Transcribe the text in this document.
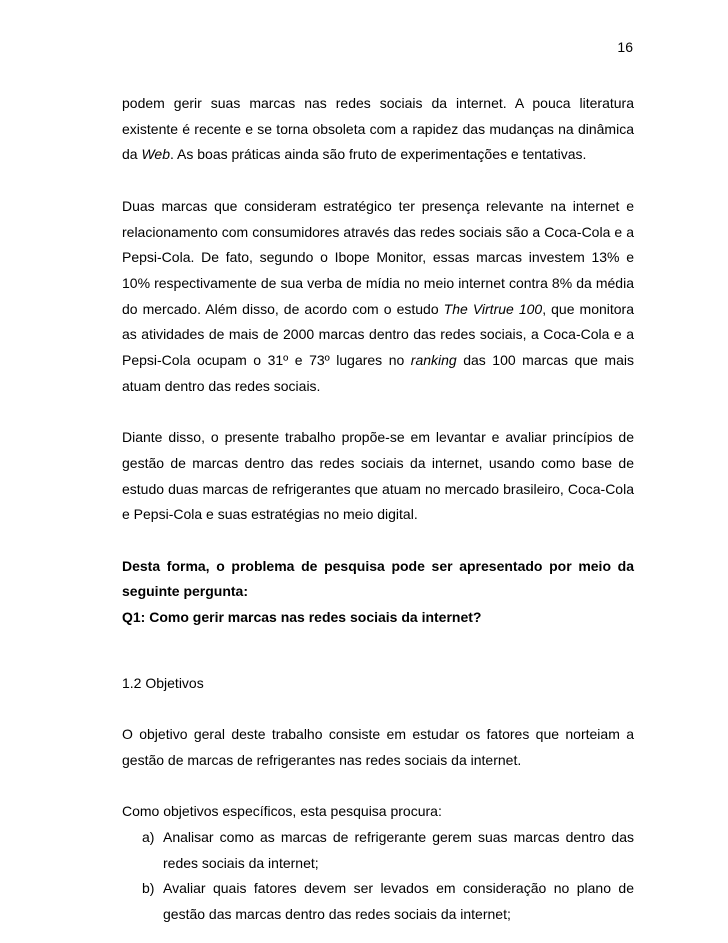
16

podem gerir suas marcas nas redes sociais da internet. A pouca literatura existente é recente e se torna obsoleta com a rapidez das mudanças na dinâmica da Web. As boas práticas ainda são fruto de experimentações e tentativas.

Duas marcas que consideram estratégico ter presença relevante na internet e relacionamento com consumidores através das redes sociais são a Coca-Cola e a Pepsi-Cola. De fato, segundo o Ibope Monitor, essas marcas investem 13% e 10% respectivamente de sua verba de mídia no meio internet contra 8% da média do mercado. Além disso, de acordo com o estudo The Virtrue 100, que monitora as atividades de mais de 2000 marcas dentro das redes sociais, a Coca-Cola e a Pepsi-Cola ocupam o 31º e 73º lugares no ranking das 100 marcas que mais atuam dentro das redes sociais.

Diante disso, o presente trabalho propõe-se em levantar e avaliar princípios de gestão de marcas dentro das redes sociais da internet, usando como base de estudo duas marcas de refrigerantes que atuam no mercado brasileiro, Coca-Cola e Pepsi-Cola e suas estratégias no meio digital.

Desta forma, o problema de pesquisa pode ser apresentado por meio da seguinte pergunta:

Q1: Como gerir marcas nas redes sociais da internet?

1.2 Objetivos

O objetivo geral deste trabalho consiste em estudar os fatores que norteiam a gestão de marcas de refrigerantes nas redes sociais da internet.

Como objetivos específicos, esta pesquisa procura:

a) Analisar como as marcas de refrigerante gerem suas marcas dentro das redes sociais da internet;
b) Avaliar quais fatores devem ser levados em consideração no plano de gestão das marcas dentro das redes sociais da internet;
